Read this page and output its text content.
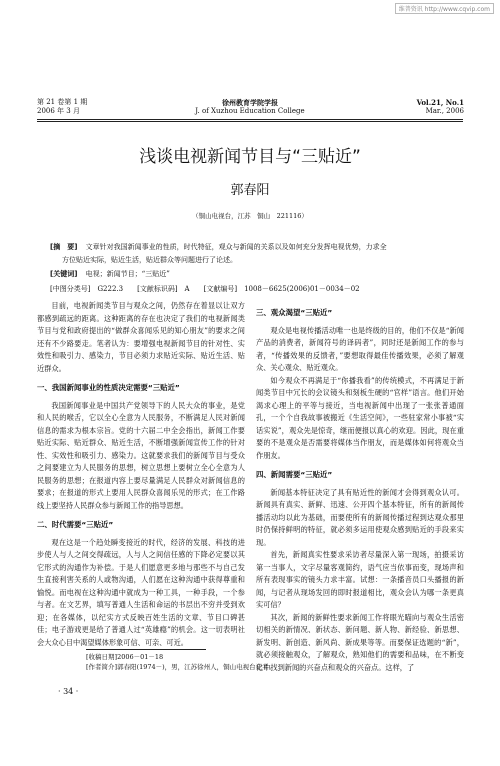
维普资讯 http://www.cqvip.com
第 21 卷第 1 期
2006 年 3 月
徐州教育学院学报
J. of Xuzhou Education College
Vol.21, No.1
Mar., 2006
浅谈电视新闻节目与“三贴近”
郭春阳
（铜山电视台，江苏　铜山　221116）
[摘　要] 文章针对我国新闻事业的性质，时代特征，观众与新闻的关系以及如何充分发挥电视优势，力求全
方位贴近实际，贴近生活，贴近群众等问题进行了论述。
[关键词] 电视；新闻节目；“三贴近”
[中图分类号]　G222.3　　[文献标识码]　A　　[文献编号]　1008－6625(2006)01－0034－02

目前，电视新闻类节目与观众之间，仍然存在着显以让双方都感到疏远的距离。这种距离的存在也决定了我们的电视新闻类节目与党和政府提出的“做群众喜闻乐见的知心朋友”的要求之间还有不少路要走。笔者认为：要增强电视新闻节目的针对性、实效性和吸引力、感染力，节目必须力求贴近实际、贴近生活、贴近群众。

一、我国新闻事业的性质决定需要“三贴近”

我国新闻事业是中国共产党领导下的人民大众的事业，是党和人民的喉舌，它以全心全意为人民服务，不断满足人民对新闻信息的需求为根本宗旨。党的十六届二中全会指出，新闻工作要贴近实际、贴近群众、贴近生活，不断增强新闻宣传工作的针对性、实效性和吸引力、感染力。这就要求我们的新闻节目与受众之间要建立为人民服务的思想，树立思想上要树立全心全意为人民服务的思想；在报道内容上要尽量满足人民群众对新闻信息的要求；在报道的形式上要用人民群众喜闻乐见的形式；在工作路线上要坚持人民群众参与新闻工作的指导思想。

二、时代需要“三贴近”

观在这是一个趋处瞬变接近的时代，经济的发展、科技的进步使人与人之间交得疏远，人与人之间信任感的下降必定要以其它形式的沟通作为补偿。于是人们愿意更多地与那些不与自己发生直接利害关系的人或物沟通，人们愿在这种沟通中获得尊重和愉悦。而电视在这种沟通中就成为一种工具，一种手段，一个参与者。在文艺界，填写普通人生活和命运的书层出不穷并受到欢迎；在各媒体，以纪实方式反映百姓生活的文章、节目口碑甚佳；电子游戏更是给了普通人过“英雄瘾”的机会。这一切表明社会大众心目中渴望媒体形象可信、可亲、可近。

三、观众渴望“三贴近”

观众是电视传播活动唯一也是终级的目的，他们不仅是“新闻产品的消费者，新闻符号的译码者”，同时还是新闻工作的参与者，“传播效果的反馈者，”要想取得最佳传播效果，必须了解观众、关心观众、贴近观众。

如今观众不再满足于“你播我看”的传统模式，不再满足于新闻类节目中冗长的会议镜头和刻板生硬的“官样”语言。他们开始渴求心理上的平等与接近，当电视新闻中出现了一张张普通面孔，一个个自我故事被搬近《生活空间》，一些驻家常小事被“实话实说”，观众先是惊奇，继而便报以真心的欢迎。因此，现在重要的不是观众是否需要将媒体当作朋友，而是媒体如何将观众当作朋友。

四、新闻需要“三贴近”

新闻基本特征决定了具有贴近性的新闻才会得到观众认可。新闻具有真实、新鲜、迅速、公开四个基本特征，所有的新闻传播活动均以此为基础，而要使所有的新闻传播过程到达观众那里时仍保持鲜明的特征，就必须多运用使观众感到贴近的手段来实现。

首先，新闻真实性要求采访者尽量深入第一现场，拍摄采访第一当事人，文字尽量客观简约，语气应当依事而变，现场声和所有表现事实的镜头力求丰富。试想：一条播音员口头播报的新闻，与记者从现场发回的即时报道相比，观众会认为哪一条更真实可信？

其次，新闻的新鲜性要求新闻工作将眼光瞄向与观众生活密切相关的新情况、新状态、新问题、新人物、新经验、新思想、新发明、新创造、新风尚、新成果等等。而要保证选题的“新”，就必须接触观众，了解观众，熟知他们的需要和品味，在不断变化中找到新闻的兴奋点和观众的兴奋点。这样，了

[收稿日期]2006－01－18
[作者简介]郭春阳(1974－)，男，江苏徐州人，铜山电视台记者。
· 34 ·
